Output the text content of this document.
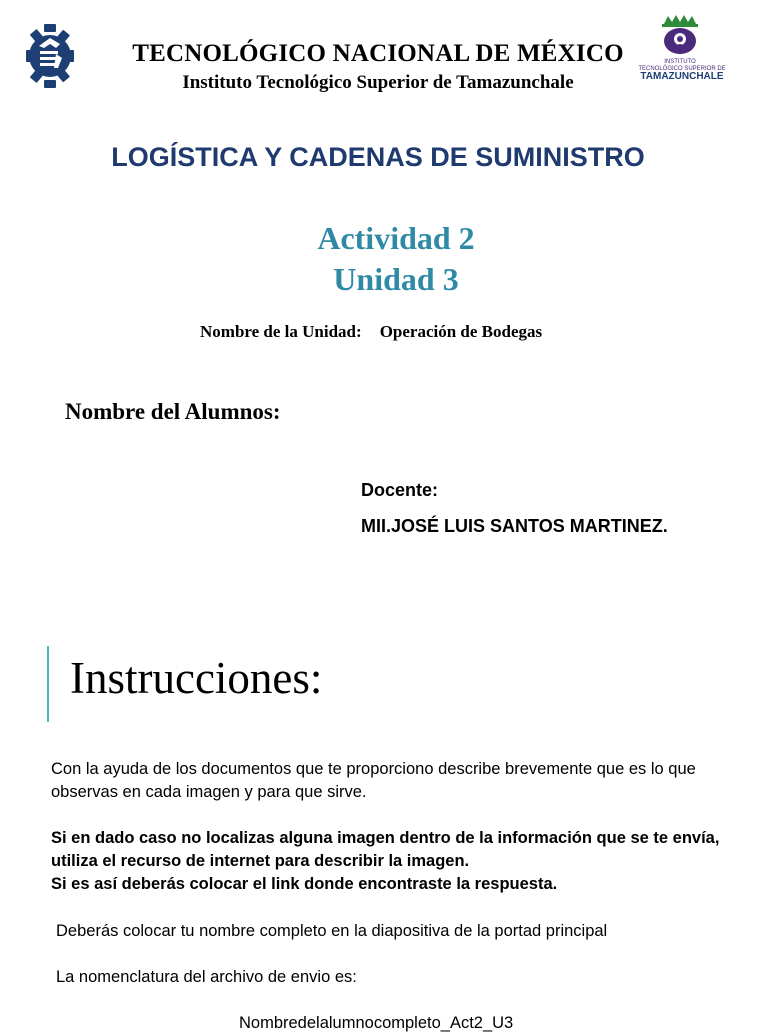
INSTITUTO
TECNOLÓGICO SUPERIOR DE
TAMAZUNCHALE
TECNOLÓGICO NACIONAL DE MÉXICO
Instituto Tecnológico Superior de Tamazunchale
LOGÍSTICA Y CADENAS DE SUMINISTRO
Actividad 2
Unidad 3
Nombre de la Unidad: Operación de Bodegas
Nombre del Alumnos:
Docente:
MII.JOSÉ LUIS SANTOS MARTINEZ.
Instrucciones:
Con la ayuda de los documentos que te proporciono describe brevemente que es lo que observas en cada imagen y para que sirve.
Si en dado caso no localizas alguna imagen dentro de la información que se te envía, utiliza el recurso de internet para describir la imagen.
Si es así deberás colocar el link donde encontraste la respuesta.
Deberás colocar tu nombre completo en la diapositiva de la portad principal
La nomenclatura del archivo de envio es:
Nombredelalumnocompleto_Act2_U3
